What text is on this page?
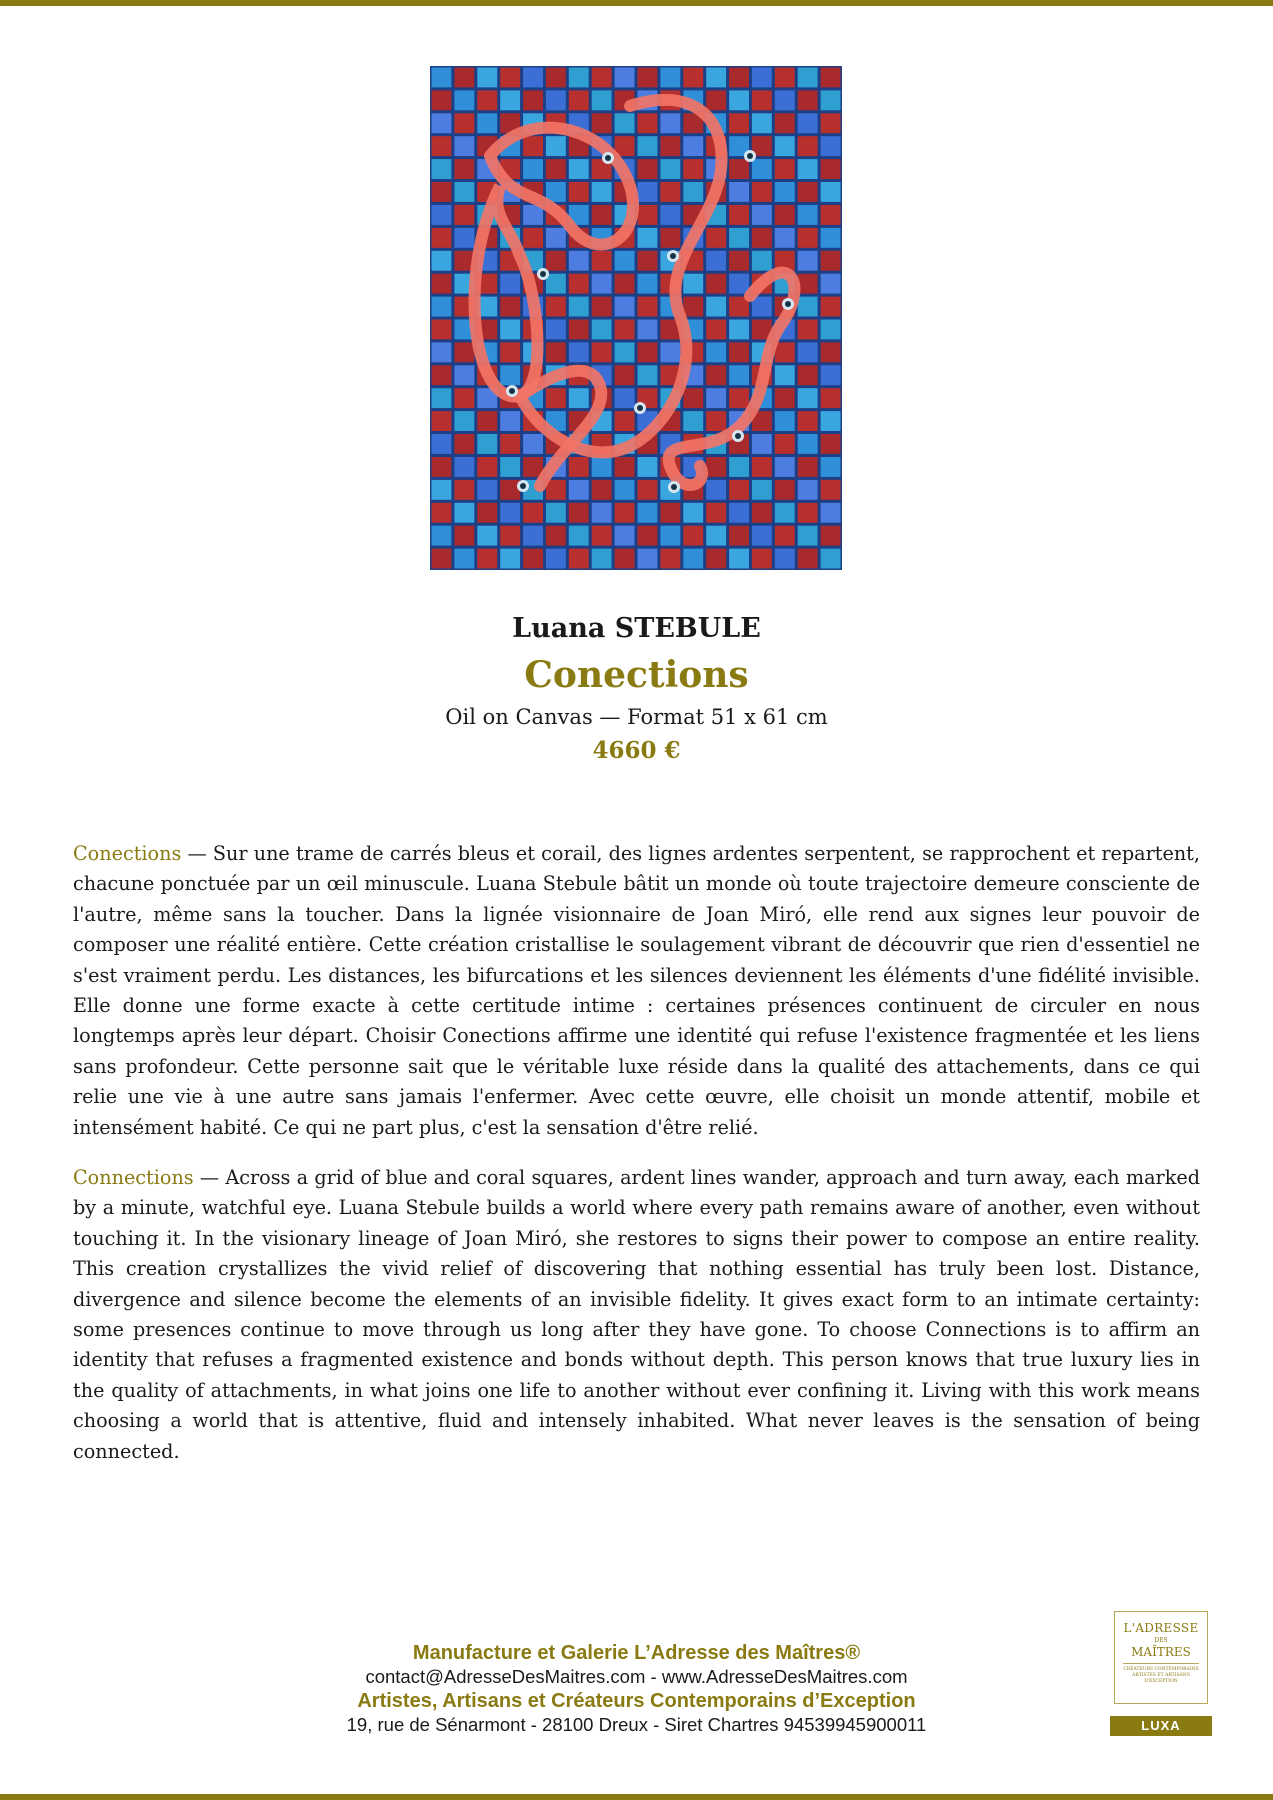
Luana STEBULE
Conections
Oil on Canvas — Format 51 x 61 cm
4660 €

Conections — Sur une trame de carrés bleus et corail, des lignes ardentes serpentent, se rapprochent et repartent, chacune ponctuée par un œil minuscule. Luana Stebule bâtit un monde où toute trajectoire demeure consciente de l'autre, même sans la toucher. Dans la lignée visionnaire de Joan Miró, elle rend aux signes leur pouvoir de composer une réalité entière. Cette création cristallise le soulagement vibrant de découvrir que rien d'essentiel ne s'est vraiment perdu. Les distances, les bifurcations et les silences deviennent les éléments d'une fidélité invisible. Elle donne une forme exacte à cette certitude intime : certaines présences continuent de circuler en nous longtemps après leur départ. Choisir Conections affirme une identité qui refuse l'existence fragmentée et les liens sans profondeur. Cette personne sait que le véritable luxe réside dans la qualité des attachements, dans ce qui relie une vie à une autre sans jamais l'enfermer. Avec cette œuvre, elle choisit un monde attentif, mobile et intensément habité. Ce qui ne part plus, c'est la sensation d'être relié.

Connections — Across a grid of blue and coral squares, ardent lines wander, approach and turn away, each marked by a minute, watchful eye. Luana Stebule builds a world where every path remains aware of another, even without touching it. In the visionary lineage of Joan Miró, she restores to signs their power to compose an entire reality. This creation crystallizes the vivid relief of discovering that nothing essential has truly been lost. Distance, divergence and silence become the elements of an invisible fidelity. It gives exact form to an intimate certainty: some presences continue to move through us long after they have gone. To choose Connections is to affirm an identity that refuses a fragmented existence and bonds without depth. This person knows that true luxury lies in the quality of attachments, in what joins one life to another without ever confining it. Living with this work means choosing a world that is attentive, fluid and intensely inhabited. What never leaves is the sensation of being connected.

Manufacture et Galerie L’Adresse des Maîtres®
contact@AdresseDesMaitres.com - www.AdresseDesMaitres.com
Artistes, Artisans et Créateurs Contemporains d’Exception
19, rue de Sénarmont - 28100 Dreux - Siret Chartres 94539945900011
L'ADRESSE
DES
MAÎTRES
CRÉATEURS CONTEMPORAINS ARTISTES ET ARTISANS D'EXCEPTION
LUXA
